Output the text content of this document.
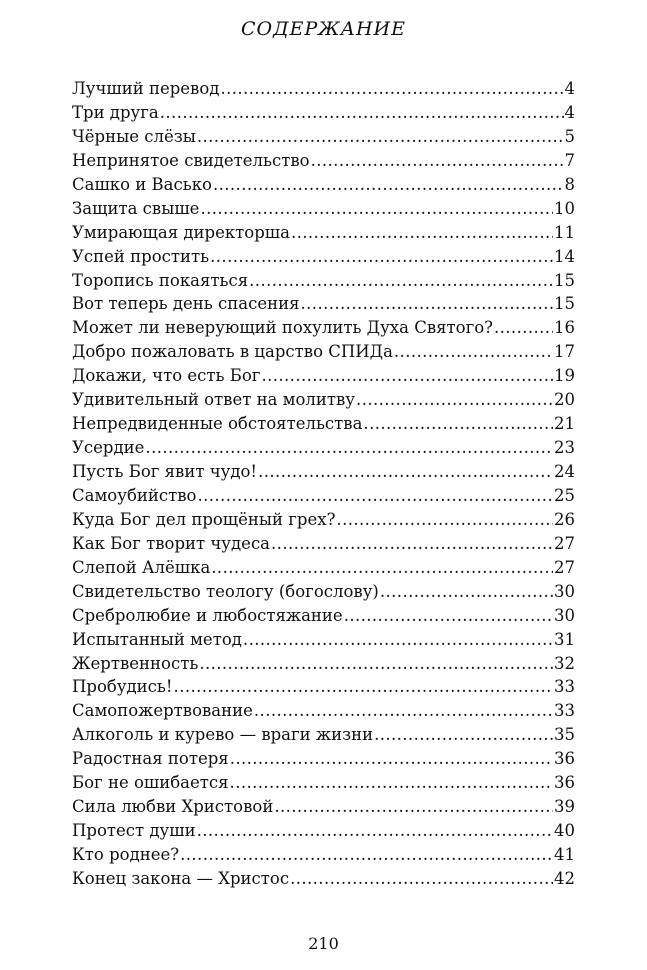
СОДЕРЖАНИЕ
Лучший перевод .....	4
Три друга .....	4
Чёрные слёзы .....	5
Непринятое свидетельство .....	7
Сашко и Васько .....	8
Защита свыше .....	10
Умирающая директорша .....	11
Успей простить .....	14
Торопись покаяться .....	15
Вот теперь день спасения .....	15
Может ли неверующий похулить Духа Святого? .....	16
Добро пожаловать в царство СПИДа .....	17
Докажи, что есть Бог .....	19
Удивительный ответ на молитву .....	20
Непредвиденные обстоятельства .....	21
Усердие .....	23
Пусть Бог явит чудо! .....	24
Самоубийство .....	25
Куда Бог дел прощёный грех? .....	26
Как Бог творит чудеса .....	27
Слепой Алёшка .....	27
Свидетельство теологу (богослову) .....	30
Сребролюбие и любостяжание .....	30
Испытанный метод .....	31
Жертвенность .....	32
Пробудись! .....	33
Самопожертвование .....	33
Алкоголь и курево — враги жизни .....	35
Радостная потеря .....	36
Бог не ошибается .....	36
Сила любви Христовой .....	39
Протест души .....	40
Кто роднее? .....	41
Конец закона — Христос .....	42
210
